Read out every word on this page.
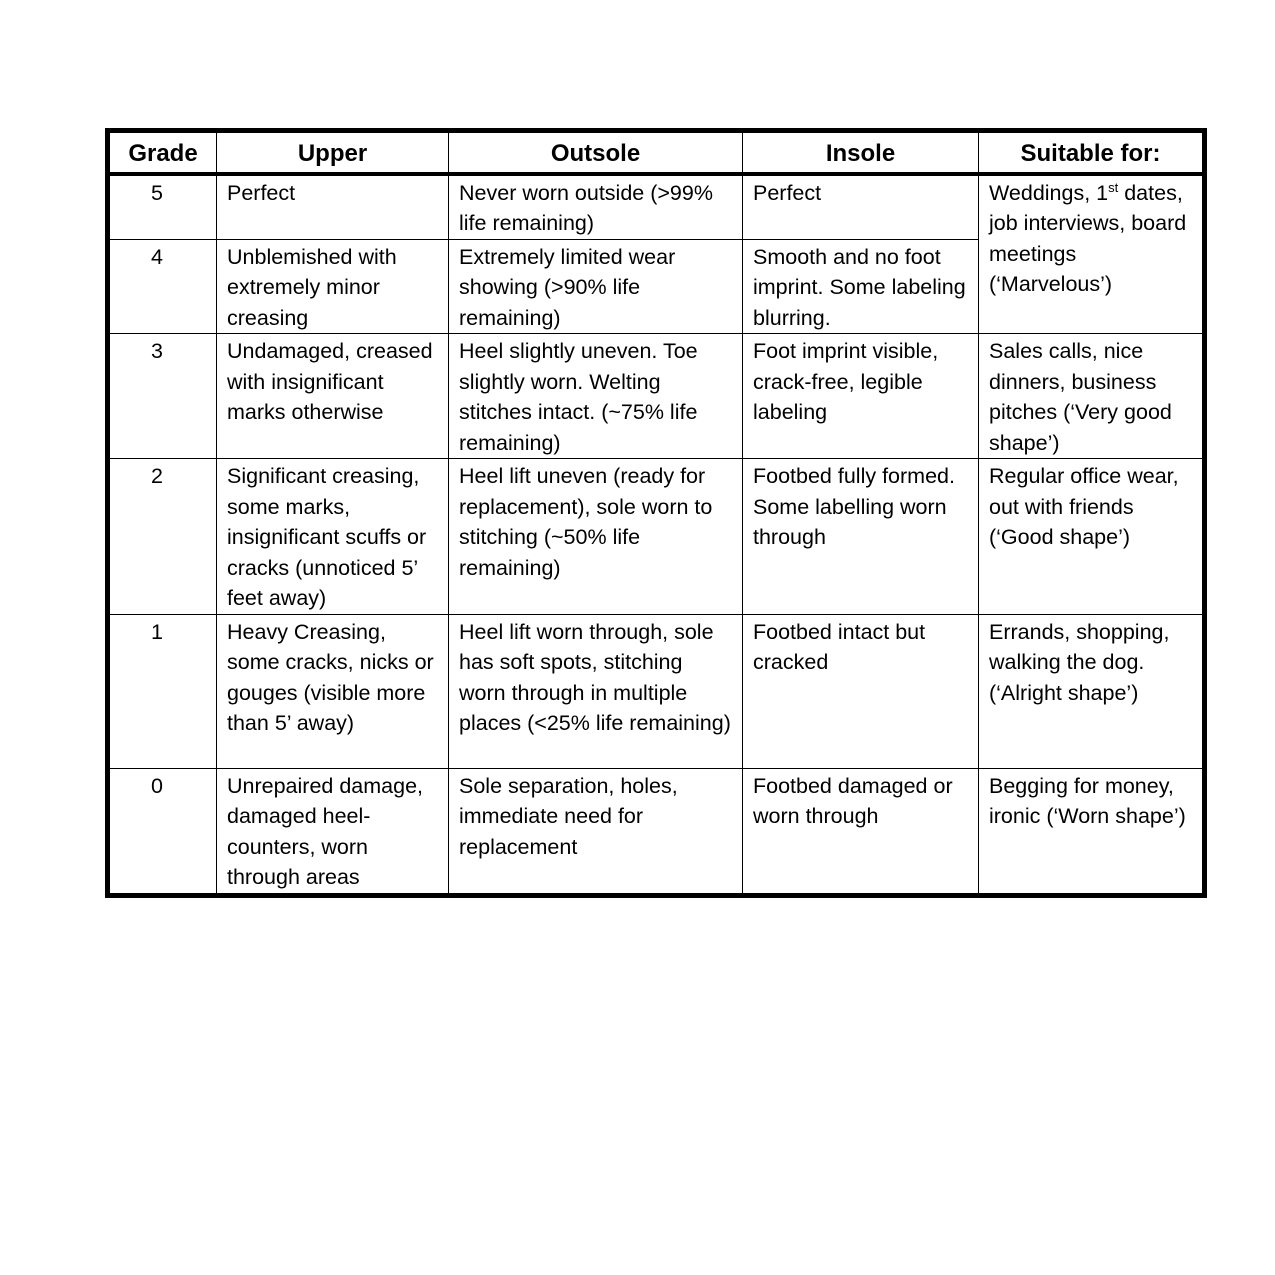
Grade	Upper	Outsole	Insole	Suitable for:
5	Perfect	Never worn outside (>99% life remaining)	Perfect	Weddings, 1st dates, job interviews, board meetings (‘Marvelous’)
4	Unblemished with extremely minor creasing	Extremely limited wear showing (>90% life remaining)	Smooth and no foot imprint. Some labeling blurring.	
3	Undamaged, creased with insignificant marks otherwise	Heel slightly uneven. Toe slightly worn. Welting stitches intact. (~75% life remaining)	Foot imprint visible, crack-free, legible labeling	Sales calls, nice dinners, business pitches (‘Very good shape’)
2	Significant creasing, some marks, insignificant scuffs or cracks (unnoticed 5’ feet away)	Heel lift uneven (ready for replacement), sole worn to stitching (~50% life remaining)	Footbed fully formed. Some labelling worn through	Regular office wear, out with friends (‘Good shape’)
1	Heavy Creasing, some cracks, nicks or gouges (visible more than 5’ away)	Heel lift worn through, sole has soft spots, stitching worn through in multiple places (<25% life remaining)	Footbed intact but cracked	Errands, shopping, walking the dog. (‘Alright shape’)
0	Unrepaired damage, damaged heel-counters, worn through areas	Sole separation, holes, immediate need for replacement	Footbed damaged or worn through	Begging for money, ironic (‘Worn shape’)
